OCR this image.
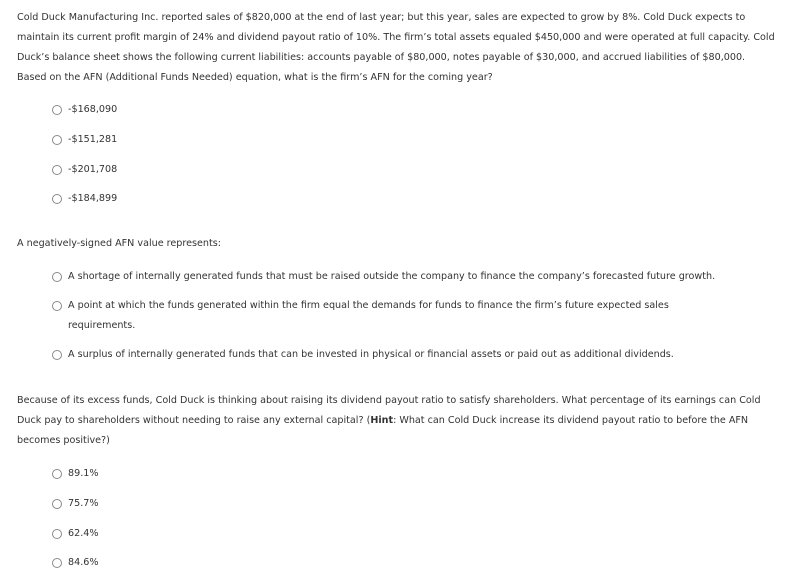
Cold Duck Manufacturing Inc. reported sales of $820,000 at the end of last year; but this year, sales are expected to grow by 8%. Cold Duck expects to maintain its current profit margin of 24% and dividend payout ratio of 10%. The firm’s total assets equaled $450,000 and were operated at full capacity. Cold Duck’s balance sheet shows the following current liabilities: accounts payable of $80,000, notes payable of $30,000, and accrued liabilities of $80,000. Based on the AFN (Additional Funds Needed) equation, what is the firm’s AFN for the coming year?

-$168,090
-$151,281
-$201,708
-$184,899

A negatively-signed AFN value represents:

A shortage of internally generated funds that must be raised outside the company to finance the company’s forecasted future growth.
A point at which the funds generated within the firm equal the demands for funds to finance the firm’s future expected sales requirements.
A surplus of internally generated funds that can be invested in physical or financial assets or paid out as additional dividends.

Because of its excess funds, Cold Duck is thinking about raising its dividend payout ratio to satisfy shareholders. What percentage of its earnings can Cold Duck pay to shareholders without needing to raise any external capital? (Hint: What can Cold Duck increase its dividend payout ratio to before the AFN becomes positive?)

89.1%
75.7%
62.4%
84.6%
